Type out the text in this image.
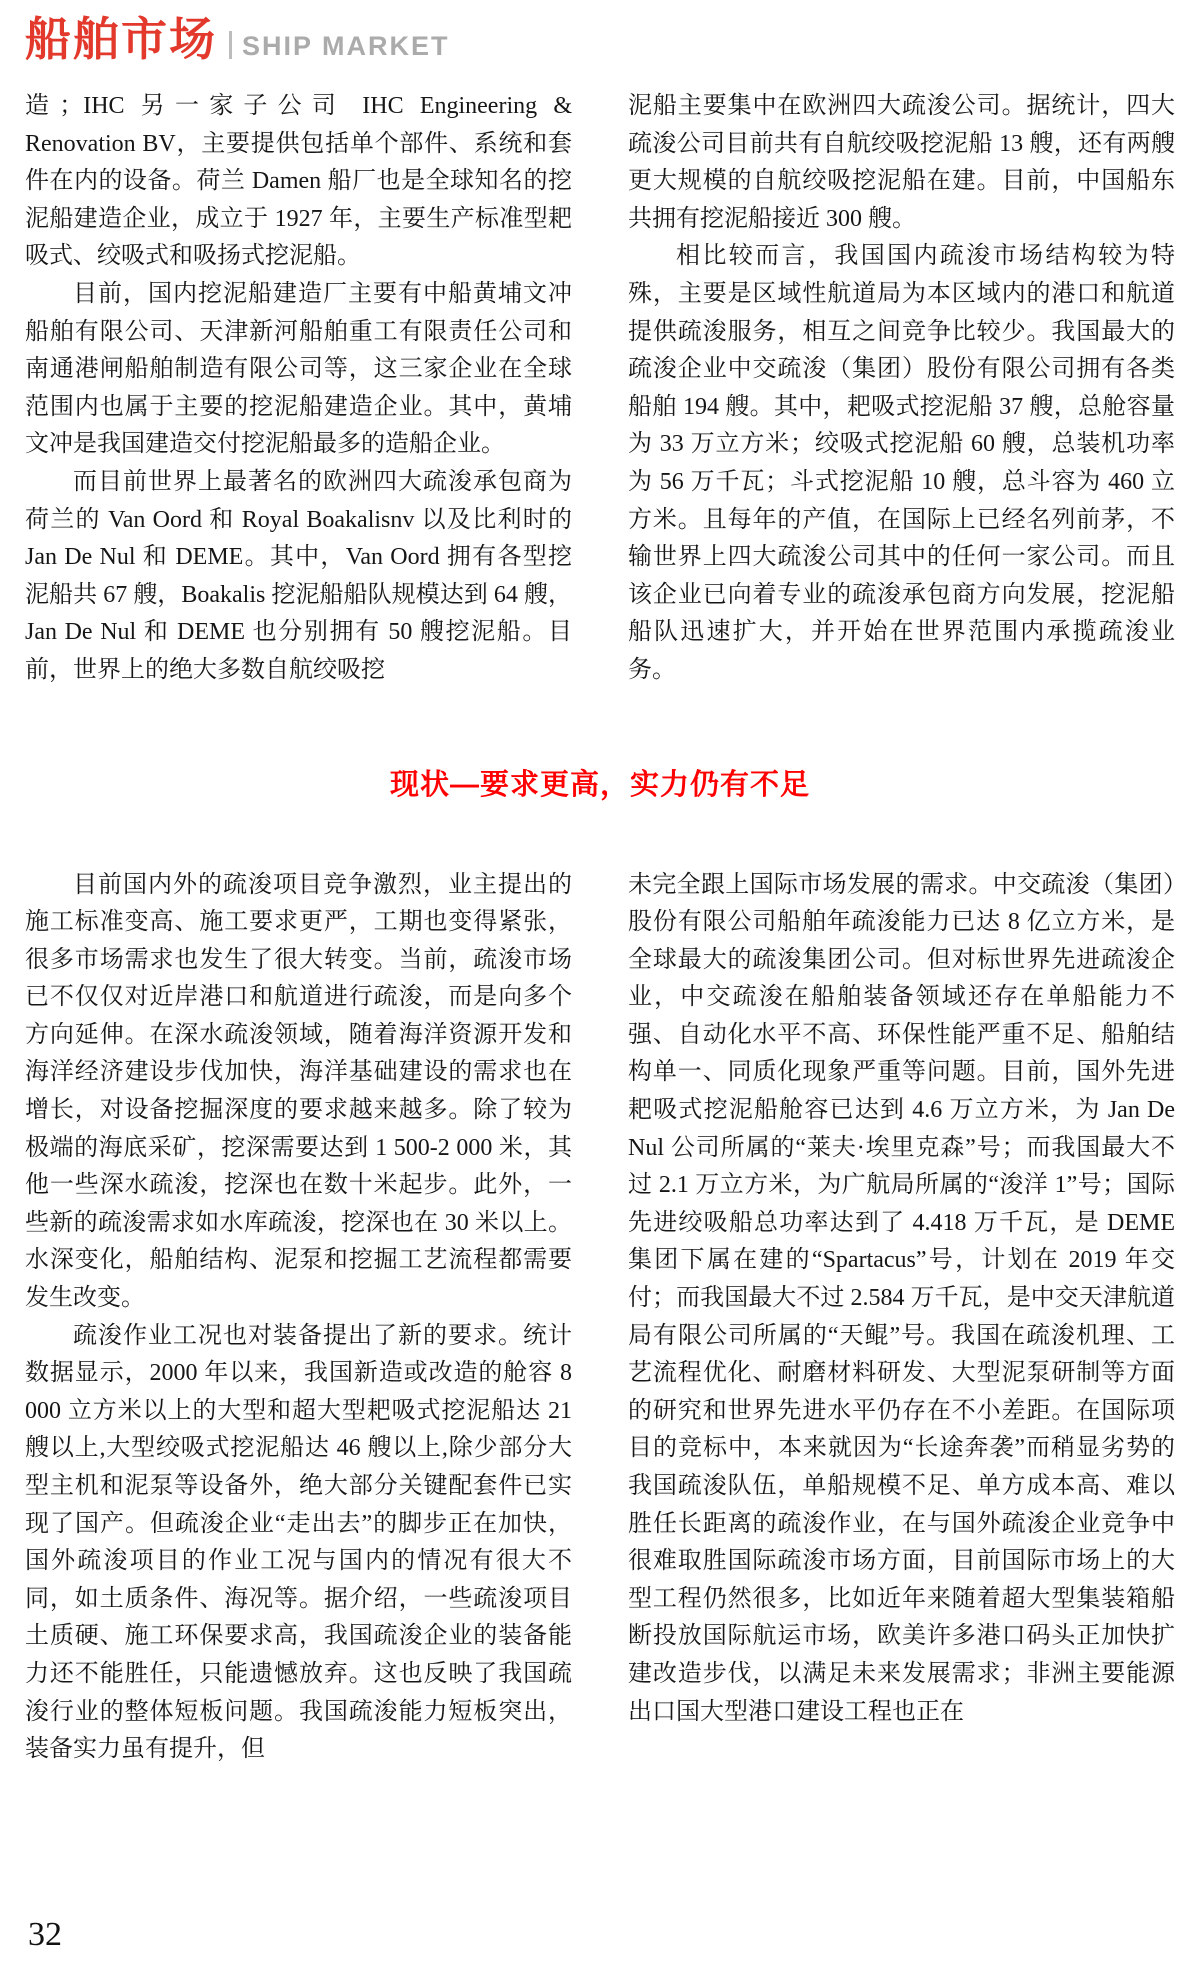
船舶市场 SHIP MARKET

造；IHC 另一家子公司 IHC Engineering & Renovation BV，主要提供包括单个部件、系统和套件在内的设备。荷兰 Damen 船厂也是全球知名的挖泥船建造企业，成立于 1927 年，主要生产标准型耙吸式、绞吸式和吸扬式挖泥船。

目前，国内挖泥船建造厂主要有中船黄埔文冲船舶有限公司、天津新河船舶重工有限责任公司和南通港闸船舶制造有限公司等，这三家企业在全球范围内也属于主要的挖泥船建造企业。其中，黄埔文冲是我国建造交付挖泥船最多的造船企业。

而目前世界上最著名的欧洲四大疏浚承包商为荷兰的 Van Oord 和 Royal Boakalisnv 以及比利时的 Jan De Nul 和 DEME。其中，Van Oord 拥有各型挖泥船共 67 艘，Boakalis 挖泥船船队规模达到 64 艘，Jan De Nul 和 DEME 也分别拥有 50 艘挖泥船。目前，世界上的绝大多数自航绞吸挖

泥船主要集中在欧洲四大疏浚公司。据统计，四大疏浚公司目前共有自航绞吸挖泥船 13 艘，还有两艘更大规模的自航绞吸挖泥船在建。目前，中国船东共拥有挖泥船接近 300 艘。

相比较而言，我国国内疏浚市场结构较为特殊，主要是区域性航道局为本区域内的港口和航道提供疏浚服务，相互之间竞争比较少。我国最大的疏浚企业中交疏浚（集团）股份有限公司拥有各类船舶 194 艘。其中，耙吸式挖泥船 37 艘，总舱容量为 33 万立方米；绞吸式挖泥船 60 艘，总装机功率为 56 万千瓦；斗式挖泥船 10 艘，总斗容为 460 立方米。且每年的产值，在国际上已经名列前茅，不输世界上四大疏浚公司其中的任何一家公司。而且该企业已向着专业的疏浚承包商方向发展，挖泥船船队迅速扩大，并开始在世界范围内承揽疏浚业务。

现状—要求更高，实力仍有不足

目前国内外的疏浚项目竞争激烈，业主提出的施工标准变高、施工要求更严，工期也变得紧张，很多市场需求也发生了很大转变。当前，疏浚市场已不仅仅对近岸港口和航道进行疏浚，而是向多个方向延伸。在深水疏浚领域，随着海洋资源开发和海洋经济建设步伐加快，海洋基础建设的需求也在增长，对设备挖掘深度的要求越来越多。除了较为极端的海底采矿，挖深需要达到 1 500-2 000 米，其他一些深水疏浚，挖深也在数十米起步。此外，一些新的疏浚需求如水库疏浚，挖深也在 30 米以上。水深变化，船舶结构、泥泵和挖掘工艺流程都需要发生改变。

疏浚作业工况也对装备提出了新的要求。统计数据显示，2000 年以来，我国新造或改造的舱容 8 000 立方米以上的大型和超大型耙吸式挖泥船达 21 艘以上,大型绞吸式挖泥船达 46 艘以上,除少部分大型主机和泥泵等设备外，绝大部分关键配套件已实现了国产。但疏浚企业“走出去”的脚步正在加快，国外疏浚项目的作业工况与国内的情况有很大不同，如土质条件、海况等。据介绍，一些疏浚项目土质硬、施工环保要求高，我国疏浚企业的装备能力还不能胜任，只能遗憾放弃。这也反映了我国疏浚行业的整体短板问题。我国疏浚能力短板突出，装备实力虽有提升，但

未完全跟上国际市场发展的需求。中交疏浚（集团）股份有限公司船舶年疏浚能力已达 8 亿立方米，是全球最大的疏浚集团公司。但对标世界先进疏浚企业，中交疏浚在船舶装备领域还存在单船能力不强、自动化水平不高、环保性能严重不足、船舶结构单一、同质化现象严重等问题。目前，国外先进耙吸式挖泥船舱容已达到 4.6 万立方米，为 Jan De Nul 公司所属的“莱夫·埃里克森”号；而我国最大不过 2.1 万立方米，为广航局所属的“浚洋 1”号；国际先进绞吸船总功率达到了 4.418 万千瓦，是 DEME 集团下属在建的“Spartacus”号，计划在 2019 年交付；而我国最大不过 2.584 万千瓦，是中交天津航道局有限公司所属的“天鲲”号。我国在疏浚机理、工艺流程优化、耐磨材料研发、大型泥泵研制等方面的研究和世界先进水平仍存在不小差距。在国际项目的竞标中，本来就因为“长途奔袭”而稍显劣势的我国疏浚队伍，单船规模不足、单方成本高、难以胜任长距离的疏浚作业，在与国外疏浚企业竞争中很难取胜国际疏浚市场方面，目前国际市场上的大型工程仍然很多，比如近年来随着超大型集装箱船断投放国际航运市场，欧美许多港口码头正加快扩建改造步伐，以满足未来发展需求；非洲主要能源出口国大型港口建设工程也正在

32
